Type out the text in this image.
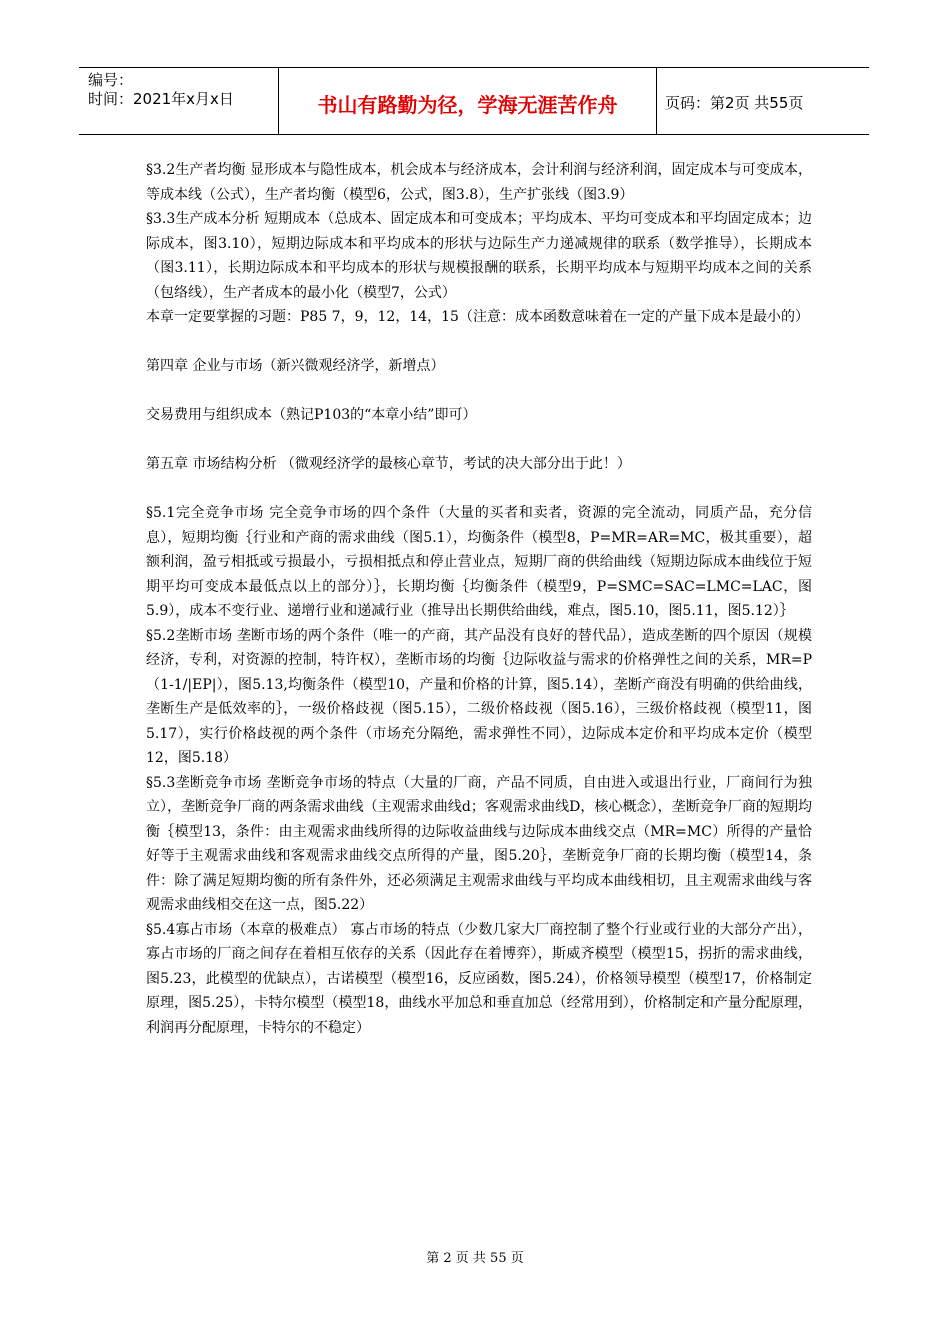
编号：
时间：2021年x月x日	书山有路勤为径，学海无涯苦作舟	页码：第2页 共55页

§3.2生产者均衡 显形成本与隐性成本，机会成本与经济成本，会计利润与经济利润，固定成本与可变成本，等成本线（公式），生产者均衡（模型6，公式，图3.8），生产扩张线（图3.9）

§3.3生产成本分析 短期成本（总成本、固定成本和可变成本；平均成本、平均可变成本和平均固定成本；边际成本，图3.10），短期边际成本和平均成本的形状与边际生产力递减规律的联系（数学推导），长期成本（图3.11），长期边际成本和平均成本的形状与规模报酬的联系，长期平均成本与短期平均成本之间的关系（包络线），生产者成本的最小化（模型7，公式）

本章一定要掌握的习题：P85 7，9，12，14，15（注意：成本函数意味着在一定的产量下成本是最小的）

第四章 企业与市场（新兴微观经济学，新增点）

交易费用与组织成本（熟记P103的“本章小结”即可）

第五章 市场结构分析 （微观经济学的最核心章节，考试的决大部分出于此！）

§5.1完全竞争市场 完全竞争市场的四个条件（大量的买者和卖者，资源的完全流动，同质产品，充分信息），短期均衡｛行业和产商的需求曲线（图5.1），均衡条件（模型8，P=MR=AR=MC，极其重要），超额利润，盈亏相抵或亏损最小，亏损相抵点和停止营业点，短期厂商的供给曲线（短期边际成本曲线位于短期平均可变成本最低点以上的部分）｝，长期均衡｛均衡条件（模型9，P=SMC=SAC=LMC=LAC，图5.9），成本不变行业、递增行业和递减行业（推导出长期供给曲线，难点，图5.10，图5.11，图5.12）｝

§5.2垄断市场 垄断市场的两个条件（唯一的产商，其产品没有良好的替代品），造成垄断的四个原因（规模经济，专利，对资源的控制，特许权），垄断市场的均衡｛边际收益与需求的价格弹性之间的关系，MR=P（1-1/|EP|），图5.13,均衡条件（模型10，产量和价格的计算，图5.14），垄断产商没有明确的供给曲线，垄断生产是低效率的｝，一级价格歧视（图5.15），二级价格歧视（图5.16），三级价格歧视（模型11，图5.17），实行价格歧视的两个条件（市场充分隔绝，需求弹性不同），边际成本定价和平均成本定价（模型12，图5.18）

§5.3垄断竞争市场 垄断竞争市场的特点（大量的厂商，产品不同质，自由进入或退出行业，厂商间行为独立），垄断竞争厂商的两条需求曲线（主观需求曲线d；客观需求曲线D，核心概念），垄断竞争厂商的短期均衡｛模型13，条件：由主观需求曲线所得的边际收益曲线与边际成本曲线交点（MR=MC）所得的产量恰好等于主观需求曲线和客观需求曲线交点所得的产量，图5.20｝，垄断竞争厂商的长期均衡（模型14，条件：除了满足短期均衡的所有条件外，还必须满足主观需求曲线与平均成本曲线相切，且主观需求曲线与客观需求曲线相交在这一点，图5.22）

§5.4寡占市场（本章的极难点） 寡占市场的特点（少数几家大厂商控制了整个行业或行业的大部分产出），寡占市场的厂商之间存在着相互依存的关系（因此存在着博弈），斯威齐模型（模型15，拐折的需求曲线，图5.23，此模型的优缺点），古诺模型（模型16，反应函数，图5.24），价格领导模型（模型17，价格制定原理，图5.25），卡特尔模型（模型18，曲线水平加总和垂直加总（经常用到），价格制定和产量分配原理，利润再分配原理，卡特尔的不稳定）

第 2 页 共 55 页
